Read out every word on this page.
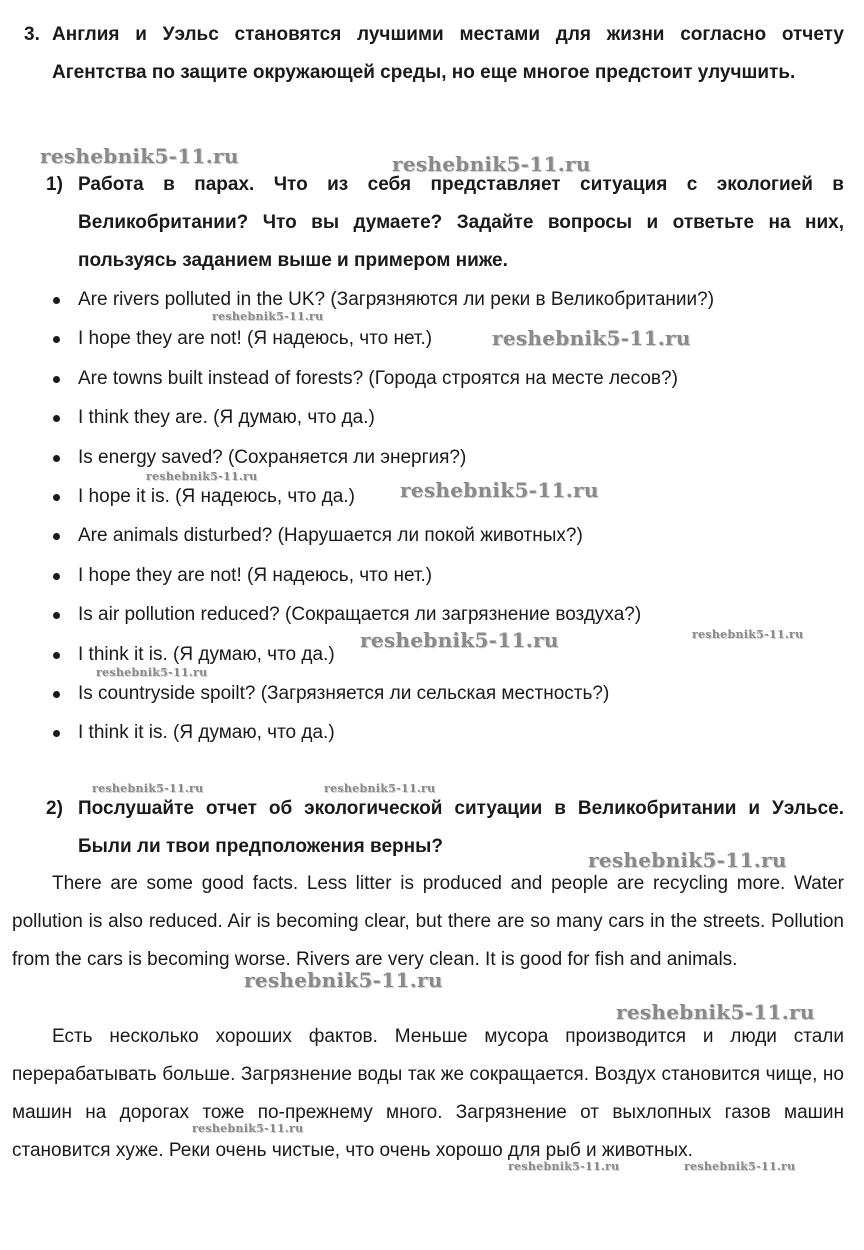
3. Англия и Уэльс становятся лучшими местами для жизни согласно отчету Агентства по защите окружающей среды, но еще многое предстоит улучшить.
1) Работа в парах. Что из себя представляет ситуация с экологией в Великобритании? Что вы думаете? Задайте вопросы и ответьте на них, пользуясь заданием выше и примером ниже.
Are rivers polluted in the UK? (Загрязняются ли реки в Великобритании?)
I hope they are not! (Я надеюсь, что нет.)
Are towns built instead of forests? (Города строятся на месте лесов?)
I think they are. (Я думаю, что да.)
Is energy saved? (Сохраняется ли энергия?)
I hope it is. (Я надеюсь, что да.)
Are animals disturbed? (Нарушается ли покой животных?)
I hope they are not! (Я надеюсь, что нет.)
Is air pollution reduced? (Сокращается ли загрязнение воздуха?)
I think it is. (Я думаю, что да.)
Is countryside spoilt? (Загрязняется ли сельская местность?)
I think it is. (Я думаю, что да.)
2) Послушайте отчет об экологической ситуации в Великобритании и Уэльсе. Были ли твои предположения верны?

There are some good facts. Less litter is produced and people are recycling more. Water pollution is also reduced. Air is becoming clear, but there are so many cars in the streets. Pollution from the cars is becoming worse. Rivers are very clean. It is good for fish and animals.

Есть несколько хороших фактов. Меньше мусора производится и люди стали перерабатывать больше. Загрязнение воды так же сокращается. Воздух становится чище, но машин на дорогах тоже по-прежнему много. Загрязнение от выхлопных газов машин становится хуже. Реки очень чистые, что очень хорошо для рыб и животных.

reshebnik5-11.ru	reshebnik5-11.ru
reshebnik5-11.ru
reshebnik5-11.ru
reshebnik5-11.ru
reshebnik5-11.ru
reshebnik5-11.ru	reshebnik5-11.ru
reshebnik5-11.ru
reshebnik5-11.ru	reshebnik5-11.ru
reshebnik5-11.ru
reshebnik5-11.ru
reshebnik5-11.ru
reshebnik5-11.ru
reshebnik5-11.ru	reshebnik5-11.ru
